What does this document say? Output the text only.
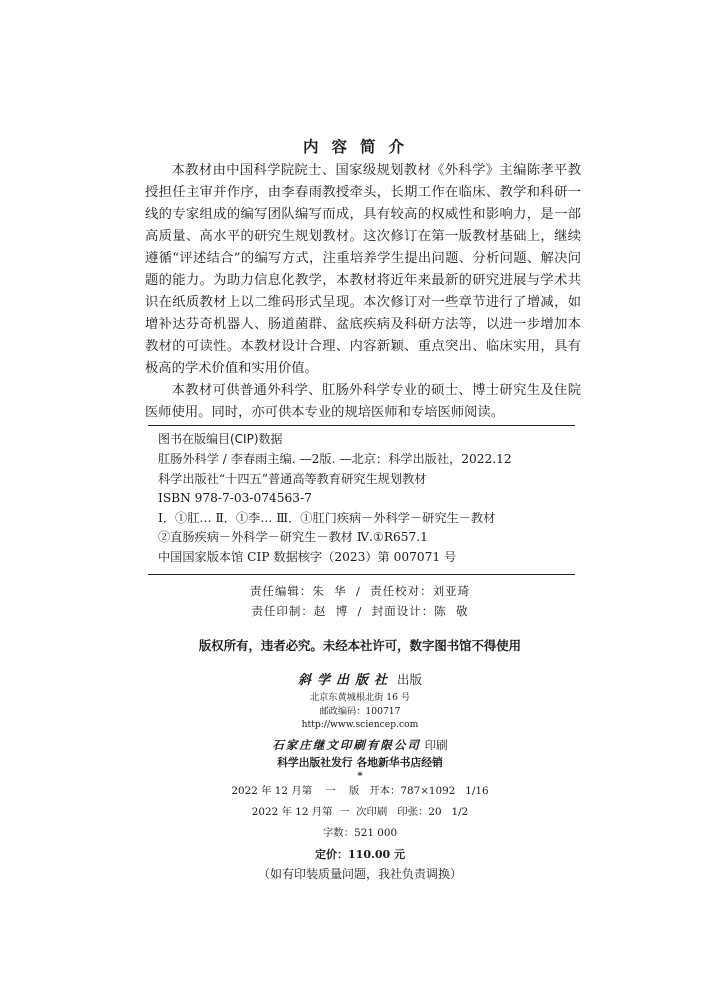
内容简介

本教材由中国科学院院士、国家级规划教材《外科学》主编陈孝平教授担任主审并作序，由李春雨教授牵头，长期工作在临床、教学和科研一线的专家组成的编写团队编写而成，具有较高的权威性和影响力，是一部高质量、高水平的研究生规划教材。这次修订在第一版教材基础上，继续遵循“评述结合”的编写方式，注重培养学生提出问题、分析问题、解决问题的能力。为助力信息化教学，本教材将近年来最新的研究进展与学术共识在纸质教材上以二维码形式呈现。本次修订对一些章节进行了增减，如增补达芬奇机器人、肠道菌群、盆底疾病及科研方法等，以进一步增加本教材的可读性。本教材设计合理、内容新颖、重点突出、临床实用，具有极高的学术价值和实用价值。

本教材可供普通外科学、肛肠外科学专业的硕士、博士研究生及住院医师使用。同时，亦可供本专业的规培医师和专培医师阅读。

图书在版编目(CIP)数据
肛肠外科学 / 李春雨主编. —2版. —北京：科学出版社，2022.12
科学出版社“十四五”普通高等教育研究生规划教材
ISBN 978-7-03-074563-7
Ⅰ．①肛… Ⅱ．①李… Ⅲ．①肛门疾病－外科学－研究生－教材
②直肠疾病－外科学－研究生－教材 Ⅳ.①R657.1
中国国家版本馆 CIP 数据核字（2023）第 007071 号
责任编辑：朱  华  /  责任校对：刘亚琦
责任印制：赵  博  /  封面设计：陈  敬
版权所有，违者必究。未经本社许可，数字图书馆不得使用
斜学出版社 出版
北京东黄城根北街 16 号
邮政编码：100717
http://www.sciencep.com
石家庄继文印刷有限公司 印刷
科学出版社发行 各地新华书店经销
*
2022 年 12 月第    一    版   开本：787×1092   1/16
2022 年 12 月第  一  次印刷   印张：20   1/2
字数：521 000
定价：110.00 元
（如有印装质量问题，我社负责调换）
